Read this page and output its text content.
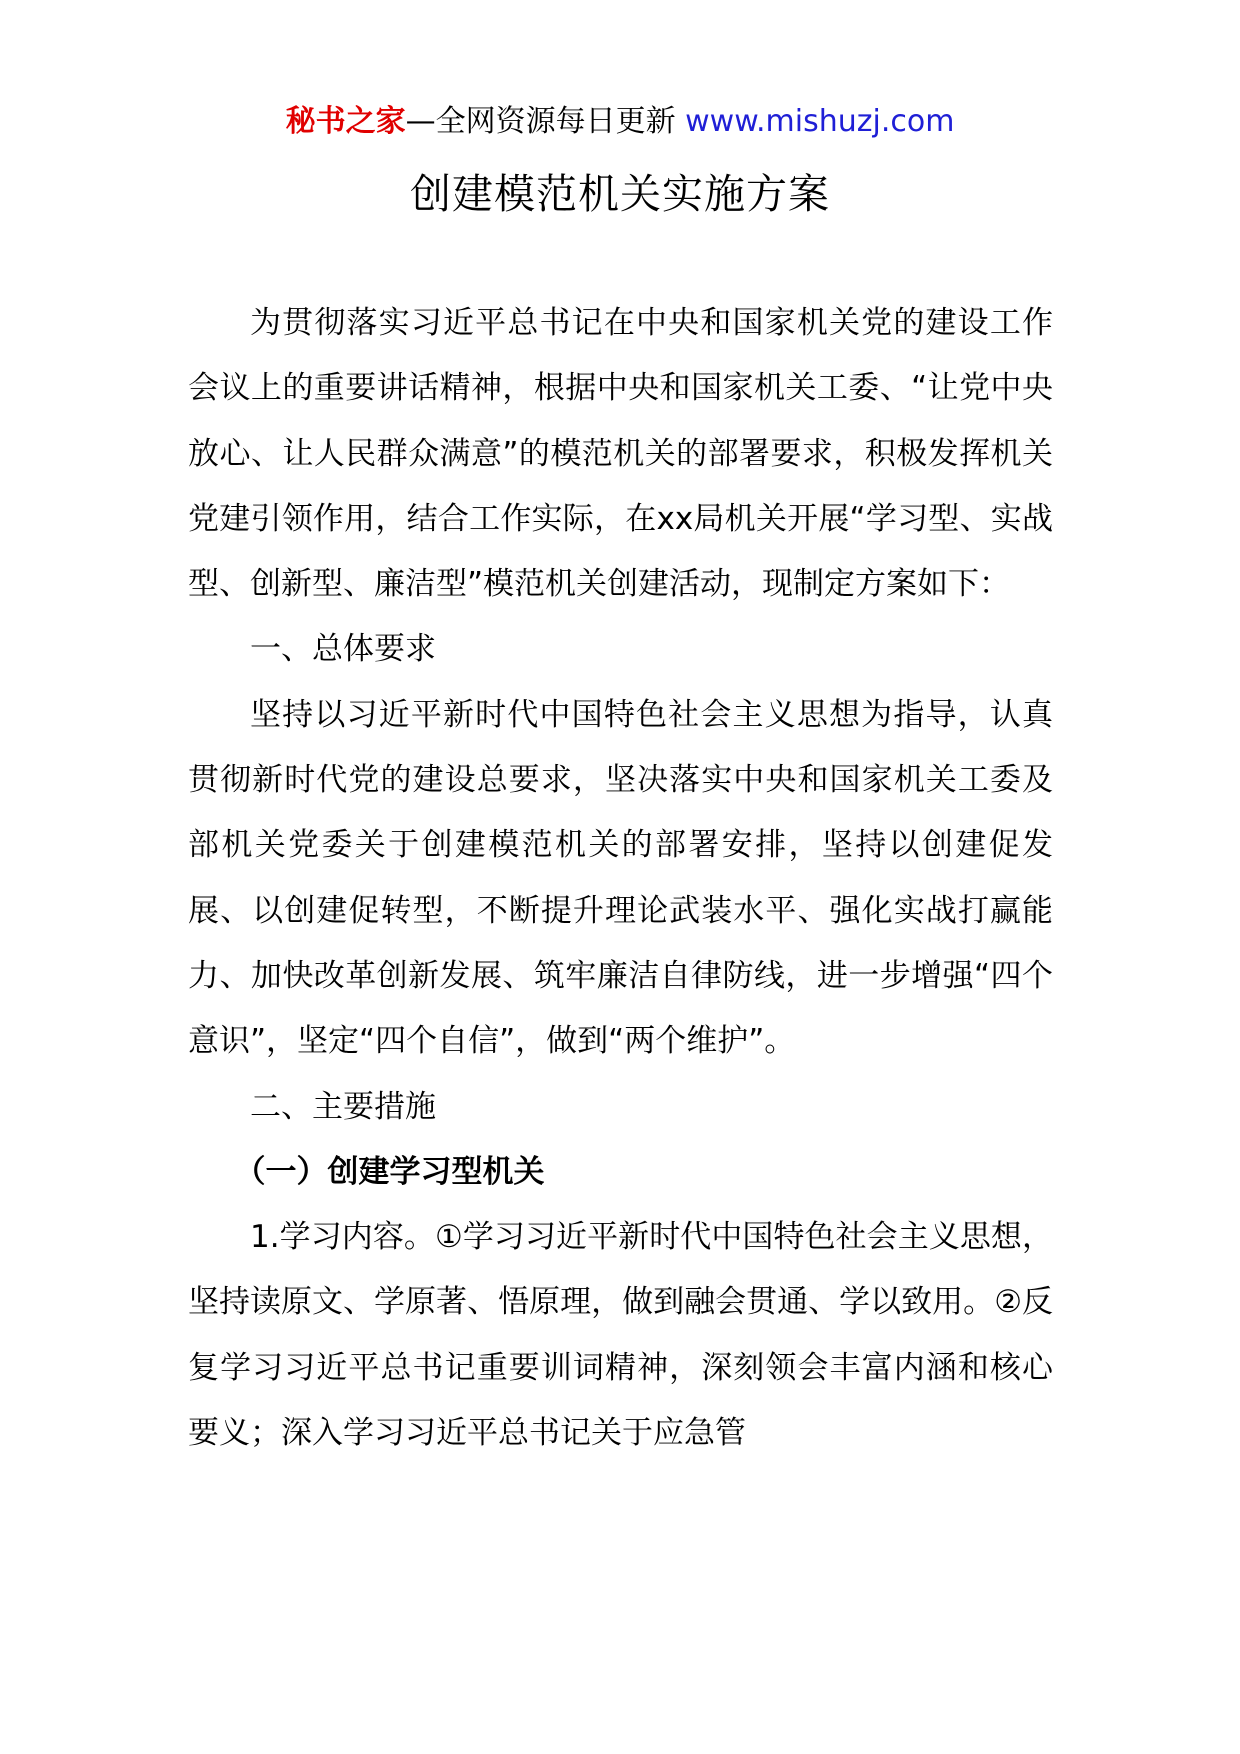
秘书之家—全网资源每日更新 www.mishuzj.com
创建模范机关实施方案

为贯彻落实习近平总书记在中央和国家机关党的建设工作会议上的重要讲话精神，根据中央和国家机关工委、“让党中央放心、让人民群众满意”的模范机关的部署要求，积极发挥机关党建引领作用，结合工作实际，在xx局机关开展“学习型、实战型、创新型、廉洁型”模范机关创建活动，现制定方案如下：

一、总体要求

坚持以习近平新时代中国特色社会主义思想为指导，认真贯彻新时代党的建设总要求，坚决落实中央和国家机关工委及部机关党委关于创建模范机关的部署安排，坚持以创建促发展、以创建促转型，不断提升理论武装水平、强化实战打赢能力、加快改革创新发展、筑牢廉洁自律防线，进一步增强“四个意识”，坚定“四个自信”，做到“两个维护”。

二、主要措施

（一）创建学习型机关

1.学习内容。①学习习近平新时代中国特色社会主义思想，坚持读原文、学原著、悟原理，做到融会贯通、学以致用。②反复学习习近平总书记重要训词精神，深刻领会丰富内涵和核心要义；深入学习习近平总书记关于应急管
